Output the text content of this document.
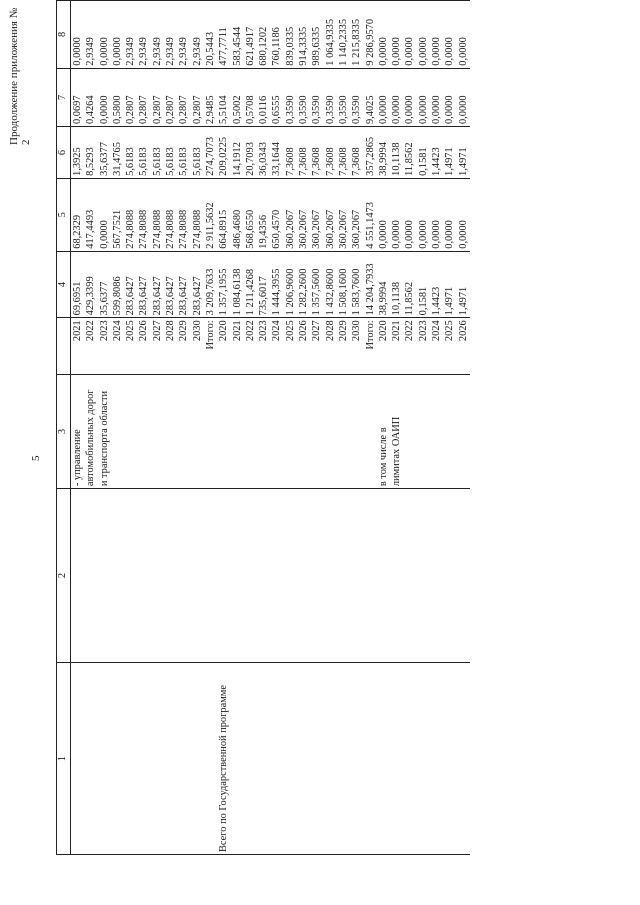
5
Продолжение приложения № 2
1	2	3		4	5	6	7	8
		- управление	2021	69,6951	68,2329	1,3925	0,0697	0,0000
		автомобильных дорог	2022	429,3399	417,4493	8,5293	0,4264	2,9349
		и транспорта области	2023	35,6377	0,0000	35,6377	0,0000	0,0000
			2024	599,8086	567,7521	31,4765	0,5800	0,0000
			2025	283,6427	274,8088	5,6183	0,2807	2,9349
			2026	283,6427	274,8088	5,6183	0,2807	2,9349
			2027	283,6427	274,8088	5,6183	0,2807	2,9349
			2028	283,6427	274,8088	5,6183	0,2807	2,9349
			2029	283,6427	274,8088	5,6183	0,2807	2,9349
			2030	283,6427	274,8088	5,6183	0,2807	2,9349
			Итого:	3 209,7633	2 911,5632	274,7073	2,9485	20,5443
Всего по Государственной программе			2020	1 357,1955	664,8915	209,0225	5,5104	477,7711
			2021	1 084,6138	486,4680	14,1912	0,5002	583,4544
			2022	1 211,4268	568,6550	20,7093	0,5708	621,4917
			2023	735,6017	19,4356	36,0343	0,0116	680,1202
			2024	1 444,3955	650,4570	33,1644	0,6555	760,1186
			2025	1 206,9600	360,2067	7,3608	0,3590	839,0335
			2026	1 282,2600	360,2067	7,3608	0,3590	914,3335
			2027	1 357,5600	360,2067	7,3608	0,3590	989,6335
			2028	1 432,8600	360,2067	7,3608	0,3590	1 064,9335
			2029	1 508,1600	360,2067	7,3608	0,3590	1 140,2335
			2030	1 583,7600	360,2067	7,3608	0,3590	1 215,8335
			Итого:	14 204,7933	4 551,1473	357,2865	9,4025	9 286,9570
		в том числе в	2020	38,9994	0,0000	38,9994	0,0000	0,0000
		лимитах ОАИП	2021	10,1138	0,0000	10,1138	0,0000	0,0000
			2022	11,8562	0,0000	11,8562	0,0000	0,0000
			2023	0,1581	0,0000	0,1581	0,0000	0,0000
			2024	1,4423	0,0000	1,4423	0,0000	0,0000
			2025	1,4971	0,0000	1,4971	0,0000	0,0000
			2026	1,4971	0,0000	1,4971	0,0000	0,0000
